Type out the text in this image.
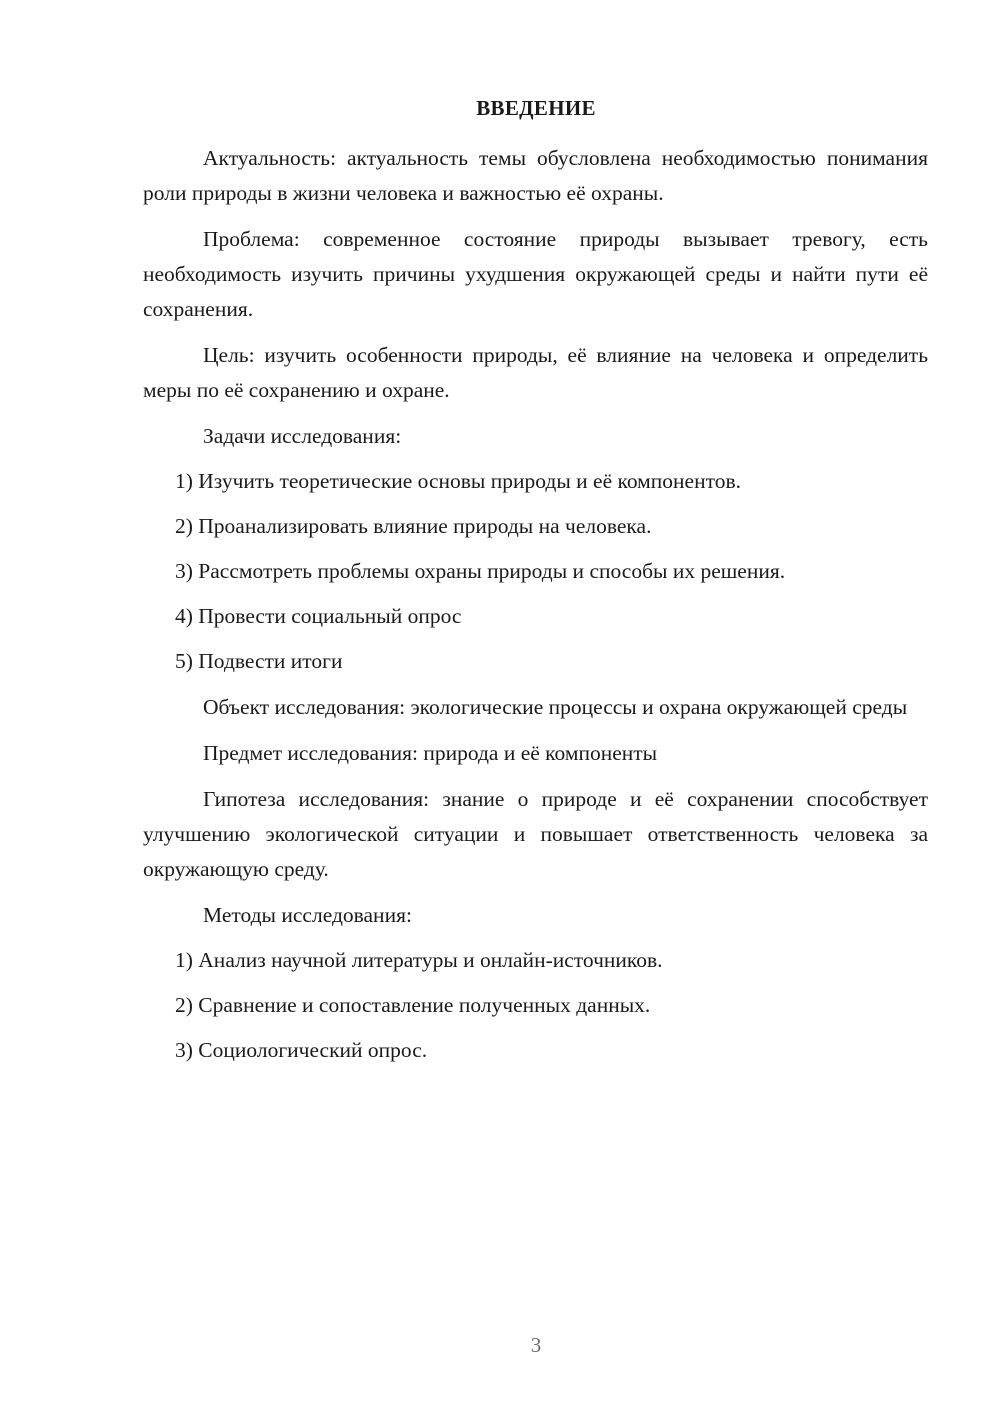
ВВЕДЕНИЕ

Актуальность: актуальность темы обусловлена необходимостью понимания роли природы в жизни человека и важностью её охраны.

Проблема: современное состояние природы вызывает тревогу, есть необходимость изучить причины ухудшения окружающей среды и найти пути её сохранения.

Цель: изучить особенности природы, её влияние на человека и определить меры по её сохранению и охране.

Задачи исследования:

1) Изучить теоретические основы природы и её компонентов.

2) Проанализировать влияние природы на человека.

3) Рассмотреть проблемы охраны природы и способы их решения.

4) Провести социальный опрос

5) Подвести итоги

Объект исследования: экологические процессы и охрана окружающей среды

Предмет исследования: природа и её компоненты

Гипотеза исследования: знание о природе и её сохранении способствует улучшению экологической ситуации и повышает ответственность человека за окружающую среду.

Методы исследования:

1) Анализ научной литературы и онлайн-источников.

2) Сравнение и сопоставление полученных данных.

3) Социологический опрос.

3
